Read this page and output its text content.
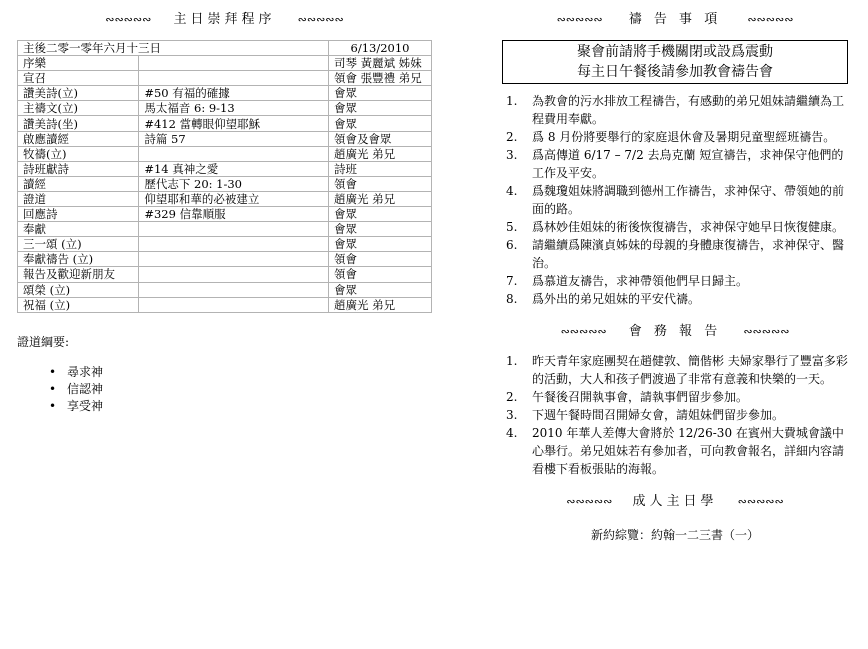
∾∾∾∾∾ 主日崇拜程序 ∾∾∾∾∾
主後二零一零年六月十三日		6/13/2010
序樂		司琴 黃麗斌 姊妹
宣召		領會 張豐禮 弟兄
讚美詩(立)	#50 有福的確據	會眾
主禱文(立)	馬太福音 6: 9-13	會眾
讚美詩(坐)	#412 當轉眼仰望耶穌	會眾
啟應讀經	詩篇 57	領會及會眾
牧禱(立)		趙廣光 弟兄
詩班獻詩	#14 真神之愛	詩班
讀經	歷代志下 20: 1-30	領會
證道	仰望耶和華的必被建立	趙廣光 弟兄
回應詩	#329 信靠順服	會眾
奉獻		會眾
三一頌 (立)		會眾
奉獻禱告 (立)		領會
報告及歡迎新朋友		領會
頌榮 (立)		會眾
祝福 (立)		趙廣光 弟兄
證道綱要:
• 尋求神
• 信認神
• 享受神
∾∾∾∾∾ 禱 告 事 項 ∾∾∾∾∾
聚會前請將手機關閉或設爲震動
每主日午餐後請參加教會禱告會
1. 為教會的污水排放工程禱告，有感動的弟兄姐妹請繼續為工程費用奉獻。
2. 爲 8 月份將要舉行的家庭退休會及暑期兒童聖經班禱告。
3. 爲高傳道 6/17 – 7/2 去烏克蘭 短宣禱告，求神保守他們的工作及平安。
4. 爲魏瓊姐妹將調職到德州工作禱告，求神保守、帶領她的前面的路。
5. 爲林妙佳姐妹的術後恢復禱告，求神保守她早日恢復健康。
6. 請繼續爲陳濱貞姊妹的母親的身體康復禱告，求神保守、醫 治。
7. 爲慕道友禱告，求神帶領他們早日歸主。
8. 爲外出的弟兄姐妹的平安代禱。
∾∾∾∾∾ 會 務 報 告 ∾∾∾∾∾
1. 昨天青年家庭團契在趙健敦、簡偕彬 夫婦家舉行了豐富多彩的活動，大人和孩子們渡過了非常有意義和快樂的一天。
2. 午餐後召開執事會，請執事們留步參加。
3. 下週午餐時間召開婦女會，請姐妹們留步參加。
4. 2010 年華人差傳大會將於 12/26-30 在賓州大費城會議中心舉行。弟兄姐妹若有參加者，可向教會報名，詳細内容請看樓下看板張貼的海報。
∾∾∾∾∾ 成人主日學 ∾∾∾∾∾
新約綜覽：約翰一二三書（一）
